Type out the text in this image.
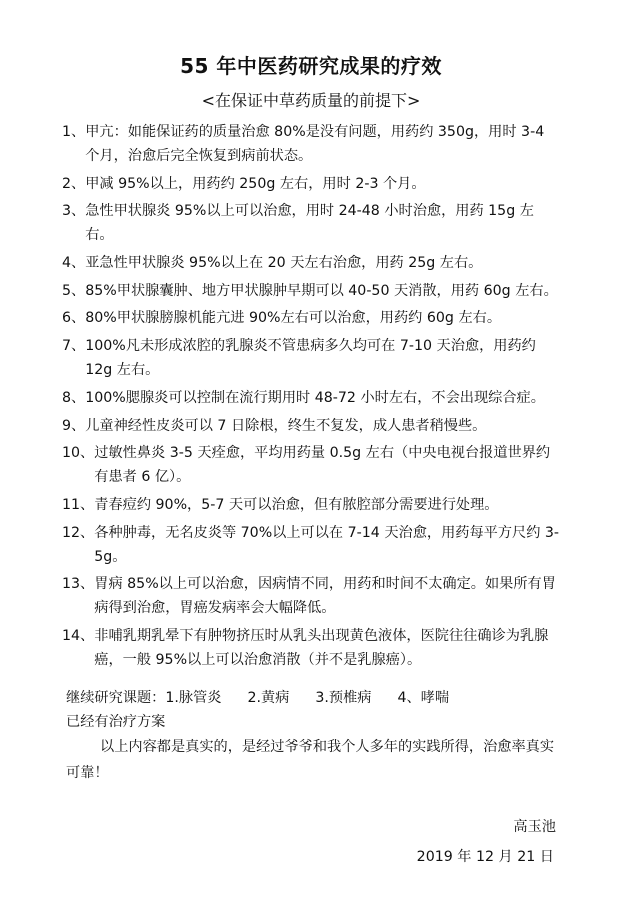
55 年中医药研究成果的疗效
<在保证中草药质量的前提下>
1、 甲亢：如能保证药的质量治愈 80%是没有问题，用药约 350g，用时 3-4 个月，治愈后完全恢复到病前状态。
2、 甲减 95%以上，用药约 250g 左右，用时 2-3 个月。
3、 急性甲状腺炎 95%以上可以治愈，用时 24-48 小时治愈，用药 15g 左右。
4、 亚急性甲状腺炎 95%以上在 20 天左右治愈，用药 25g 左右。
5、 85%甲状腺囊肿、地方甲状腺肿早期可以 40-50 天消散，用药 60g 左右。
6、 80%甲状腺膀腺机能亢进 90%左右可以治愈，用药约 60g 左右。
7、 100%凡未形成浓腔的乳腺炎不管患病多久均可在 7-10 天治愈，用药约 12g 左右。
8、 100%腮腺炎可以控制在流行期用时 48-72 小时左右，不会出现综合症。
9、 儿童神经性皮炎可以 7 日除根，终生不复发，成人患者稍慢些。
10、 过敏性鼻炎 3-5 天痊愈，平均用药量 0.5g 左右（中央电视台报道世界约有患者 6 亿）。
11、 青春痘约 90%，5-7 天可以治愈，但有脓腔部分需要进行处理。
12、 各种肿毒，无名皮炎等 70%以上可以在 7-14 天治愈，用药每平方尺约 3-5g。
13、 胃病 85%以上可以治愈，因病情不同，用药和时间不太确定。如果所有胃病得到治愈，胃癌发病率会大幅降低。
14、 非哺乳期乳晕下有肿物挤压时从乳头出现黄色液体，医院往往确诊为乳腺癌，一般 95%以上可以治愈消散（并不是乳腺癌）。
继续研究课题：1.脉管炎 2.黄病 3.预椎病 4、哮喘
已经有治疗方案
以上内容都是真实的，是经过爷爷和我个人多年的实践所得，治愈率真实可靠！
高玉池
2019 年 12 月 21 日
